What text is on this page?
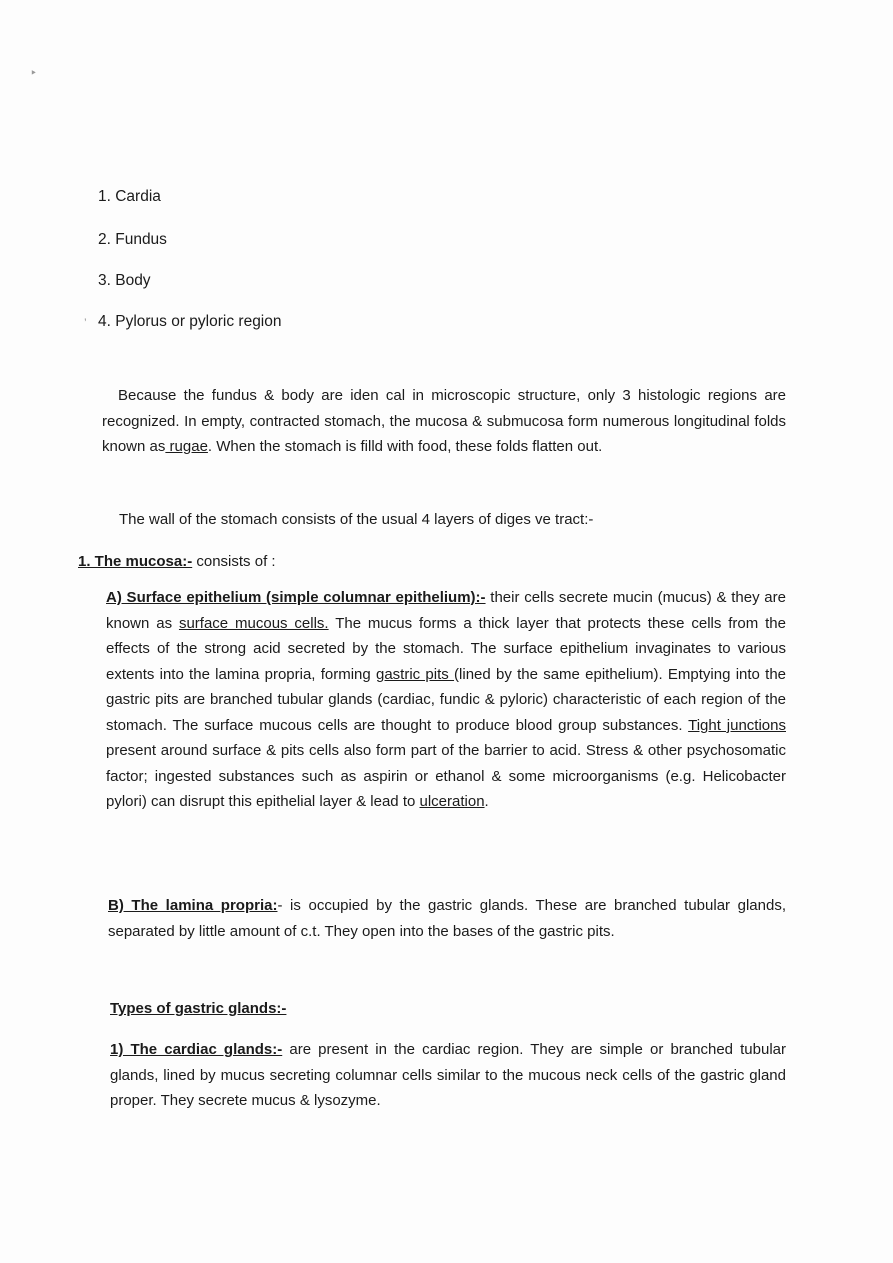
‣
’
1. Cardia
2. Fundus
3. Body
4. Pylorus or pyloric region
Because the fundus & body are iden cal in microscopic structure, only 3 histologic regions are recognized. In empty, contracted stomach, the mucosa & submucosa form numerous longitudinal folds known as rugae. When the stomach is filld with food, these folds flatten out.
The wall of the stomach consists of the usual 4 layers of diges ve tract:-
1. The mucosa:- consists of :
A) Surface epithelium (simple columnar epithelium):- their cells secrete mucin (mucus) & they are known as surface mucous cells. The mucus forms a thick layer that protects these cells from the effects of the strong acid secreted by the stomach. The surface epithelium invaginates to various extents into the lamina propria, forming gastric pits (lined by the same epithelium). Emptying into the gastric pits are branched tubular glands (cardiac, fundic & pyloric) characteristic of each region of the stomach. The surface mucous cells are thought to produce blood group substances. Tight junctions present around surface & pits cells also form part of the barrier to acid. Stress & other psychosomatic factor; ingested substances such as aspirin or ethanol & some microorganisms (e.g. Helicobacter pylori) can disrupt this epithelial layer & lead to ulceration.
B) The lamina propria:- is occupied by the gastric glands. These are branched tubular glands, separated by little amount of c.t. They open into the bases of the gastric pits.
Types of gastric glands:-
1) The cardiac glands:- are present in the cardiac region. They are simple or branched tubular glands, lined by mucus secreting columnar cells similar to the mucous neck cells of the gastric gland proper. They secrete mucus & lysozyme.
